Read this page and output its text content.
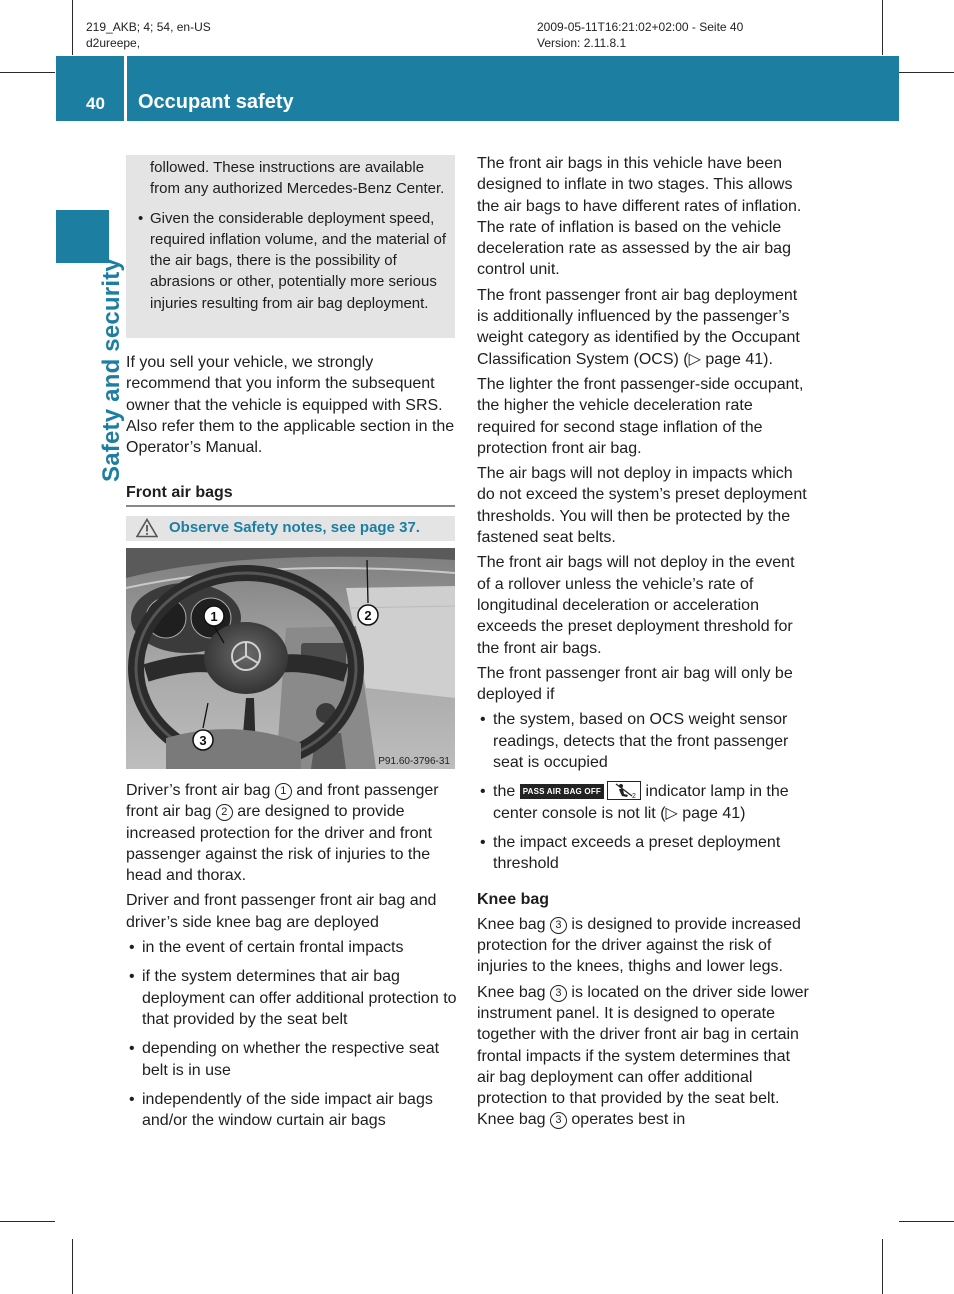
219_AKB; 4; 54, en-US
d2ureepe,
2009-05-11T16:21:02+02:00 - Seite 40
Version: 2.11.8.1
40 Occupant safety
Safety and security

followed. These instructions are available from any authorized Mercedes-Benz Center.

• Given the considerable deployment speed, required inflation volume, and the material of the air bags, there is the possibility of abrasions or other, potentially more serious injuries resulting from air bag deployment.

If you sell your vehicle, we strongly recommend that you inform the subsequent owner that the vehicle is equipped with SRS. Also refer them to the applicable section in the Operator’s Manual.

Front air bags
Observe Safety notes, see page 37.
1	2
3
P91.60-3796-31

Driver’s front air bag 1 and front passenger front air bag 2 are designed to provide increased protection for the driver and front passenger against the risk of injuries to the head and thorax.

Driver and front passenger front air bag and driver’s side knee bag are deployed

• in the event of certain frontal impacts
• if the system determines that air bag deployment can offer additional protection to that provided by the seat belt
• depending on whether the respective seat belt is in use
• independently of the side impact air bags and/or the window curtain air bags

The front air bags in this vehicle have been designed to inflate in two stages. This allows the air bags to have different rates of inflation. The rate of inflation is based on the vehicle deceleration rate as assessed by the air bag control unit.

The front passenger front air bag deployment is additionally influenced by the passenger’s weight category as identified by the Occupant Classification System (OCS) (▷ page 41).

The lighter the front passenger-side occupant, the higher the vehicle deceleration rate required for second stage inflation of the protection front air bag.

The air bags will not deploy in impacts which do not exceed the system’s preset deployment thresholds. You will then be protected by the fastened seat belts.

The front air bags will not deploy in the event of a rollover unless the vehicle’s rate of longitudinal deceleration or acceleration exceeds the preset deployment threshold for the front air bags.

The front passenger front air bag will only be deployed if

• the system, based on OCS weight sensor readings, detects that the front passenger seat is occupied
• the PASS AIR BAG OFF
2 indicator lamp in the center console is not lit (▷ page 41)
• the impact exceeds a preset deployment threshold

Knee bag

Knee bag 3 is designed to provide increased protection for the driver against the risk of injuries to the knees, thighs and lower legs.

Knee bag 3 is located on the driver side lower instrument panel. It is designed to operate together with the driver front air bag in certain frontal impacts if the system determines that air bag deployment can offer additional protection to that provided by the seat belt. Knee bag 3 operates best in
